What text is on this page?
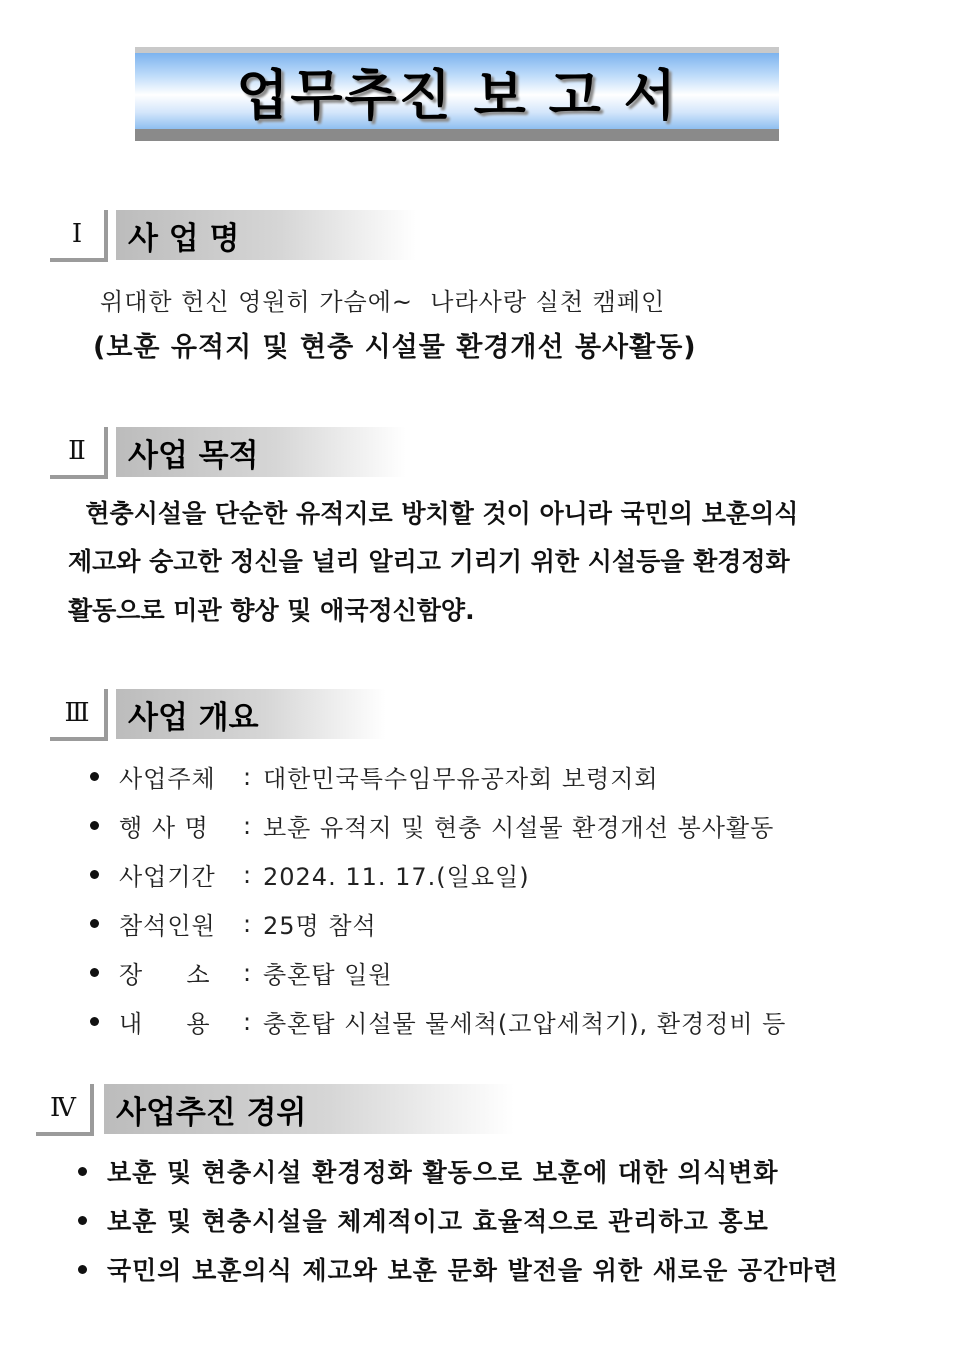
업무추진 보 고 서
I	사 업 명
위대한 헌신 영원히 가슴에~  나라사랑 실천 캠페인
(보훈 유적지 및 현충 시설물 환경개선 봉사활동)
Ⅱ	사업 목적
현충시설을 단순한 유적지로 방치할 것이 아니라 국민의 보훈의식
제고와 숭고한 정신을 널리 알리고 기리기 위한 시설등을 환경정화
활동으로 미관 향상 및 애국정신함양.
Ⅲ	사업 개요
사업주체	: 대한민국특수임무유공자회 보령지회
행 사 명	: 보훈 유적지 및 현충 시설물 환경개선 봉사활동
사업기간	: 2024. 11. 17.(일요일)
참석인원	: 25명 참석
장     소	: 충혼탑 일원
내     용	: 충혼탑 시설물 물세척(고압세척기), 환경정비 등
Ⅳ	사업추진 경위
보훈 및 현충시설 환경정화 활동으로 보훈에 대한 의식변화
보훈 및 현충시설을 체계적이고 효율적으로 관리하고 홍보
국민의 보훈의식 제고와 보훈 문화 발전을 위한 새로운 공간마련
